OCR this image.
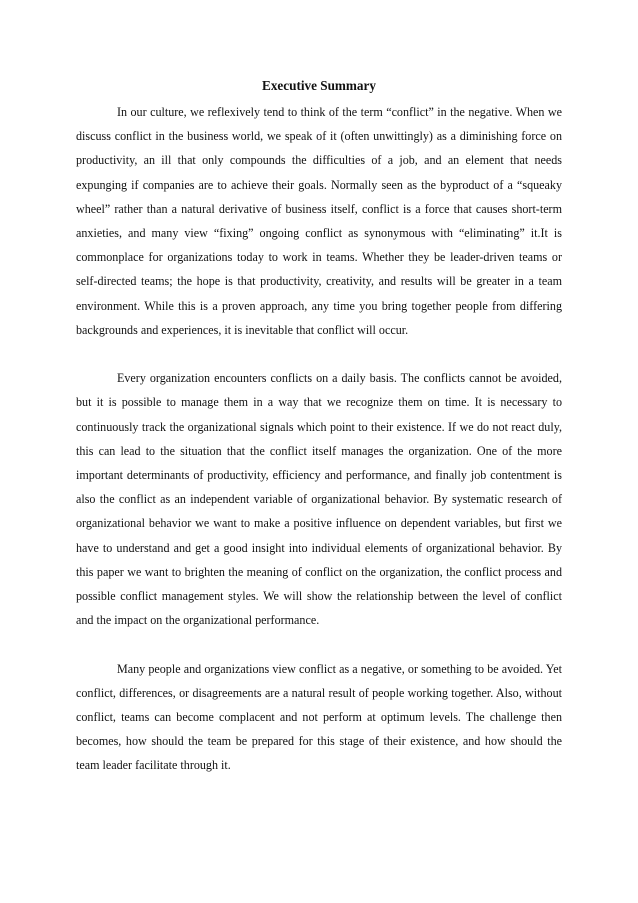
Executive Summary

In our culture, we reflexively tend to think of the term “conflict” in the negative. When we discuss conflict in the business world, we speak of it (often unwittingly) as a diminishing force on productivity, an ill that only compounds the difficulties of a job, and an element that needs expunging if companies are to achieve their goals. Normally seen as the byproduct of a “squeaky wheel” rather than a natural derivative of business itself, conflict is a force that causes short-term anxieties, and many view “fixing” ongoing conflict as synonymous with “eliminating” it.It is commonplace for organizations today to work in teams. Whether they be leader-driven teams or self-directed teams; the hope is that productivity, creativity, and results will be greater in a team environment. While this is a proven approach, any time you bring together people from differing backgrounds and experiences, it is inevitable that conflict will occur.

Every organization encounters conflicts on a daily basis. The conflicts cannot be avoided, but it is possible to manage them in a way that we recognize them on time. It is necessary to continuously track the organizational signals which point to their existence. If we do not react duly, this can lead to the situation that the conflict itself manages the organization. One of the more important determinants of productivity, efficiency and performance, and finally job contentment is also the conflict as an independent variable of organizational behavior. By systematic research of organizational behavior we want to make a positive influence on dependent variables, but first we have to understand and get a good insight into individual elements of organizational behavior. By this paper we want to brighten the meaning of conflict on the organization, the conflict process and possible conflict management styles. We will show the relationship between the level of conflict and the impact on the organizational performance.

Many people and organizations view conflict as a negative, or something to be avoided. Yet conflict, differences, or disagreements are a natural result of people working together. Also, without conflict, teams can become complacent and not perform at optimum levels. The challenge then becomes, how should the team be prepared for this stage of their existence, and how should the team leader facilitate through it.
